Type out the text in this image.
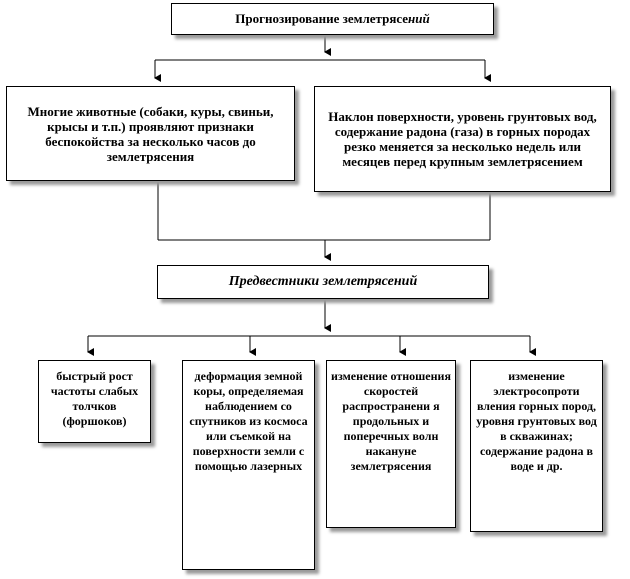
Прогнозирование землетрясений
Многие животные (собаки, куры, свиньи, крысы и т.п.) проявляют признаки беспокойства за несколько часов до землетрясения
Наклон поверхности, уровень грунтовых вод, содержание радона (газа) в горных породах резко меняется за несколько недель или месяцев перед крупным землетрясением
Предвестники землетрясений
быстрый рост частоты слабых толчков (форшоков)
деформация земной коры, определяемая наблюдением со спутников из космоса или съемкой на поверхности земли с помощью лазерных
изменение отношения скоростей распространени я продольных и поперечных волн накануне землетрясения
изменение электросопроти вления горных пород, уровня грунтовых вод в скважинах; содержание радона в воде и др.
